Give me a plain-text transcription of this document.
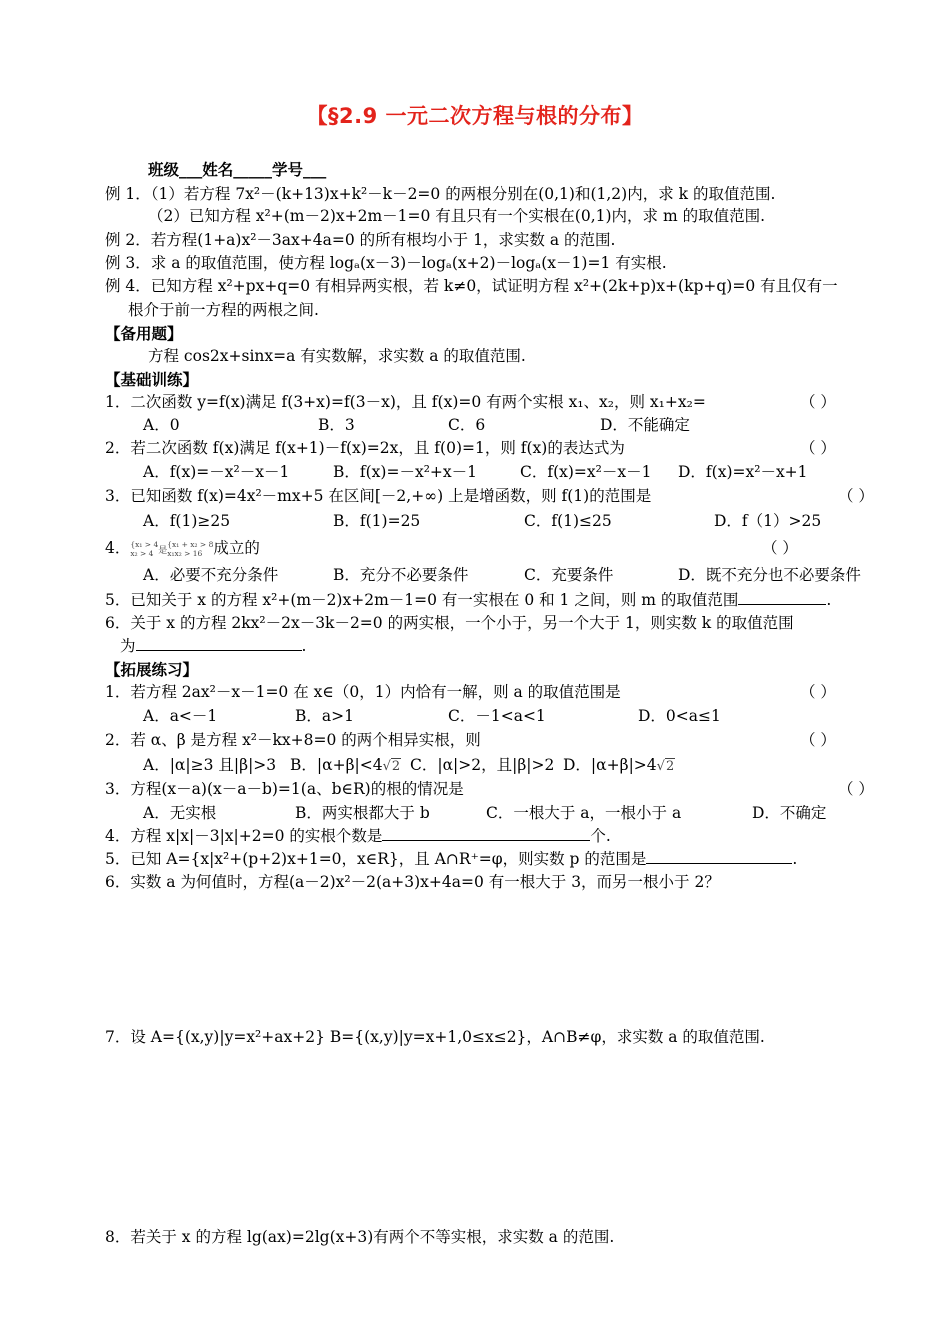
【§2.9 一元二次方程与根的分布】
班级___姓名_____学号___
例 1．（1）若方程 7x²－(k+13)x+k²－k－2=0 的两根分别在(0,1)和(1,2)内，求 k 的取值范围.
（2）已知方程 x²+(m－2)x+2m－1=0 有且只有一个实根在(0,1)内，求 m 的取值范围.
例 2．若方程(1+a)x²－3ax+4a=0 的所有根均小于 1，求实数 a 的范围.
例 3．求 a 的取值范围，使方程 logₐ(x－3)－logₐ(x+2)－logₐ(x－1)=1 有实根.
例 4．已知方程 x²+px+q=0 有相异两实根，若 k≠0，试证明方程 x²+(2k+p)x+(kp+q)=0 有且仅有一
根介于前一方程的两根之间.
【备用题】
方程 cos2x+sinx=a 有实数解，求实数 a 的取值范围.
【基础训练】
1．二次函数 y=f(x)满足 f(3+x)=f(3－x)，且 f(x)=0 有两个实根 x₁、x₂，则 x₁+x₂=	（ ）
A．0	B．3	C．6	D．不能确定
2．若二次函数 f(x)满足 f(x+1)－f(x)=2x，且 f(0)=1，则 f(x)的表达式为	（ ）
A．f(x)=－x²－x－1	B．f(x)=－x²+x－1	C．f(x)=x²－x－1 D．f(x)=x²－x+1
3．已知函数 f(x)=4x²－mx+5 在区间[－2,+∞) 上是增函数，则 f(1)的范围是	（ ）
A．f(1)≥25	B．f(1)=25	C．f(1)≤25	D．f（1）>25
4．{x₁ > 4
x₂ > 4 是{x₁ + x₂ > 8
x₁x₂ > 16 成立的	（ ）
A．必要不充分条件	B．充分不必要条件	C．充要条件	D．既不充分也不必要条件
5．已知关于 x 的方程 x²+(m－2)x+2m－1=0 有一实根在 0 和 1 之间，则 m 的取值范围	.
6．关于 x 的方程 2kx²－2x－3k－2=0 的两实根，一个小于，另一个大于 1，则实数 k 的取值范围
为	.
【拓展练习】
1．若方程 2ax²－x－1=0 在 x∈（0，1）内恰有一解，则 a 的取值范围是	（ ）
A．a<－1	B．a>1	C．－1<a<1	D．0<a≤1
2．若 α、β 是方程 x²－kx+8=0 的两个相异实根，则	（ ）
A．|α|≥3 且|β|>3 B．|α+β|<4√2 C．|α|>2，且|β|>2 D．|α+β|>4√2
3．方程(x－a)(x－a－b)=1(a、b∈R)的根的情况是	（ ）
A．无实根	B．两实根都大于 b	C．一根大于 a，一根小于 a	D．不确定
4．方程 x|x|－3|x|+2=0 的实根个数是	个.
5．已知 A={x|x²+(p+2)x+1=0，x∈R}，且 A∩R⁺=φ，则实数 p 的范围是	.
6．实数 a 为何值时，方程(a－2)x²－2(a+3)x+4a=0 有一根大于 3，而另一根小于 2？
7．设 A={(x,y)|y=x²+ax+2} B={(x,y)|y=x+1,0≤x≤2}，A∩B≠φ，求实数 a 的取值范围.
8．若关于 x 的方程 lg(ax)=2lg(x+3)有两个不等实根，求实数 a 的范围.
